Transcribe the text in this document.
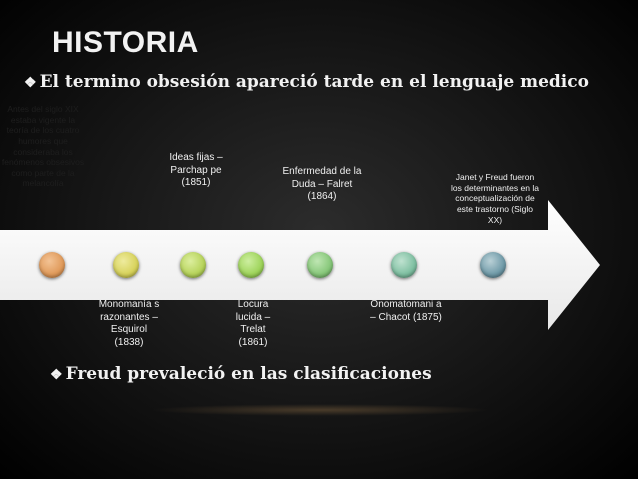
HISTORIA
❖ El termino obsesión apareció tarde en el lenguaje medico
Antes del siglo XIX estaba vigente la teoría de los cuatro humores que consideraba los fenómenos obsesivos como parte de la melancolía
Ideas fijas – Parchap pe (1851)
Enfermedad de la Duda – Falret (1864)
Janet y Freud fueron los determinantes en la conceptualización de este trastorno (Siglo XX)
Monomanía s razonantes –Esquirol (1838)
Locura lucida – Trelat (1861)
Onomatomani a – Chacot (1875)
❖ Freud prevaleció en las clasificaciones
